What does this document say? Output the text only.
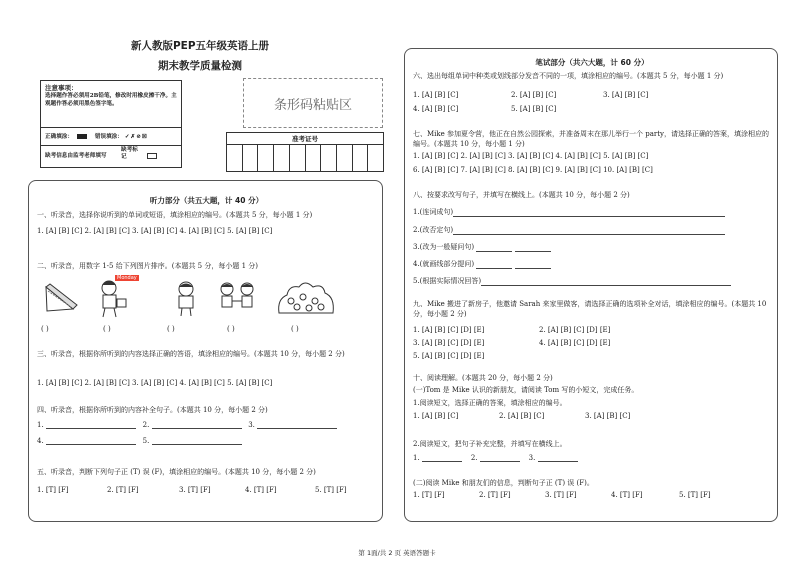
新人教版PEP五年级英语上册
期末教学质量检测
注意事项：
选择题作答必须用2B铅笔，修改时用橡皮擦干净。主观题作答必须用黑色签字笔。
正确填涂：	错误填涂： ✓✗⊘☒
缺考信息由监考老师填写
缺考标记
条形码粘贴区
准考证号
听力部分（共五大题，计 40 分）
一、听录音，选择你说听到的单词或短语，填涂相应的编号。(本题共 5 分，每小题 1 分)
1. [A] [B] [C] 2. [A] [B] [C] 3. [A] [B] [C] 4. [A] [B] [C] 5. [A] [B] [C]
二、听录音，用数字 1-5 给下列图片排序。(本题共 5 分，每小题 1 分)
Monday
( )	( )	( )	( )	( )
三、听录音，根据你所听到的内容选择正确的答语，填涂相应的编号。(本题共 10 分，每小题 2 分)
1. [A] [B] [C] 2. [A] [B] [C] 3. [A] [B] [C] 4. [A] [B] [C] 5. [A] [B] [C]
四、听录音，根据你所听到的内容补全句子。(本题共 10 分，每小题 2 分)
1.	2.	3.
4.	5.
五、听录音，判断下列句子正 (T) 误 (F)，填涂相应的编号。(本题共 10 分，每小题 2 分)
1. [T] [F]	2. [T] [F]	3. [T] [F]	4. [T] [F]	5. [T] [F]
笔试部分（共六大题，计 60 分）
六、选出每组单词中种类或划线部分发音不同的一项，填涂相应的编号。(本题共 5 分，每小题 1 分)
1. [A] [B] [C]	2. [A] [B] [C]	3. [A] [B] [C]
4. [A] [B] [C]	5. [A] [B] [C]
七、Mike 参加夏令营，他正在自然公园探索，并准备周末在那儿举行一个 party，请选择正确的答案，填涂相应的编号。(本题共 10 分，每小题 1 分)
1. [A] [B] [C] 2. [A] [B] [C] 3. [A] [B] [C] 4. [A] [B] [C] 5. [A] [B] [C]
6. [A] [B] [C] 7. [A] [B] [C] 8. [A] [B] [C] 9. [A] [B] [C] 10. [A] [B] [C]
八、按要求改写句子，并填写在横线上。(本题共 10 分，每小题 2 分)
1.(连词成句)
2.(改否定句)
3.(改为一般疑问句)
4.(就画线部分提问)
5.(根据实际情况回答)
九、Mike 搬进了新房子，他邀请 Sarah 来家里做客，请选择正确的选项补全对话，填涂相应的编号。(本题共 10 分，每小题 2 分)
1. [A] [B] [C] [D] [E]	2. [A] [B] [C] [D] [E]
3. [A] [B] [C] [D] [E]	4. [A] [B] [C] [D] [E]
5. [A] [B] [C] [D] [E]
十、阅读理解。(本题共 20 分，每小题 2 分)
(一)Tom 是 Mike 认识的新朋友，请阅读 Tom 写的小短文，完成任务。
1.阅读短文，选择正确的答案，填涂相应的编号。
1. [A] [B] [C]	2. [A] [B] [C]	3. [A] [B] [C]
2.阅读短文，把句子补充完整，并填写在横线上。
1.	2.	3.
(二)阅读 Mike 和朋友们的信息，判断句子正 (T) 误 (F)。
1. [T] [F]	2. [T] [F]	3. [T] [F]	4. [T] [F]	5. [T] [F]
第 1面/共 2 页 英语答题卡
